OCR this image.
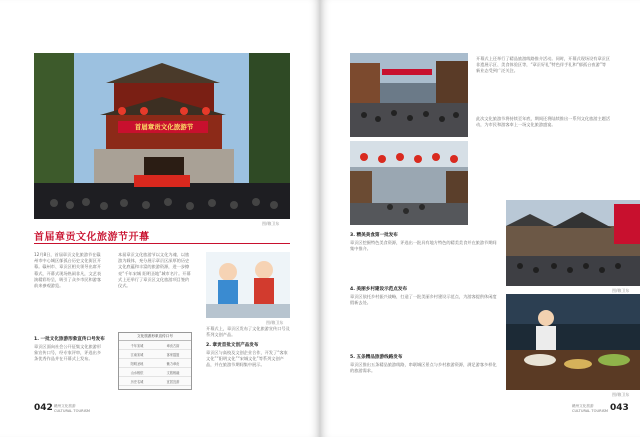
首届章贡文化旅游节
图/赖卫东
首届章贡文化旅游节开幕
12月8日，首届章贡文化旅游节在赣州市中心城区郁孤台历史文化街区开幕。赣州市、章贡区相关领导出席开幕式，开幕式现场热闹非凡，文艺表演精彩纷呈，吸引了众多市民和游客前来参观游览。
本届章贡文化旅游节以文化为魂、以旅游为载体，充分展示章贡区深厚的历史文化底蕴和丰富的旅游资源，进一步擦亮“千年宋城 阳明圣地”城市名片。开幕式上还举行了章贡区文化旅游项目签约仪式。
图/赖卫东
开幕式上，章贡区发布了文化旅游宣传口号及系列文创产品。
1. 一批文化旅游形象宣传口号发布
章贡区面向社会公开征集文化旅游形象宣传口号，经专家评审，评选出多条优秀作品并在开幕式上发布。
文化旅游形象宣传口号
千年宋城	章贡古韵
江南宋城	客家摇篮
阳明圣地	魅力章贡
山水相依	文旅相融
历史名城	宜居宜游
2. 章贡首批文创产品发布
章贡区与高校及文创企业合作，开发了“客家文化”“阳明文化”“宋城文化”等系列文创产品，并在旅游节期间集中展示。
042 赣州文化旅游
CULTURAL TOURISM
开幕式上还举行了精品旅游线路推介活动。同时，开幕式现场设有章贡区非遗展示区、美食体验区等，“章贡好礼”特色伴手礼和“郁孤台夜游”等新业态受到广泛关注。
此次文化旅游节将持续至年底，期间还将陆续推出一系列文化旅游主题活动，为市民和游客奉上一场文化旅游盛宴。
3. 精美美食第一批发布
章贡区挖掘特色美食资源，评选出一批具有地方特色的精美美食并在旅游节期间集中推介。
4. 美丽乡村建设示范点发布
章贡区依托乡村振兴战略，打造了一批美丽乡村建设示范点，为游客提供休闲度假新去处。
5. 五条精品旅游线路发布
章贡区推出五条精品旅游线路，串联城区景点与乡村旅游资源，满足游客多样化的旅游需求。
图/赖卫东
图/赖卫东
赣州文化旅游
CULTURAL TOURISM 043
